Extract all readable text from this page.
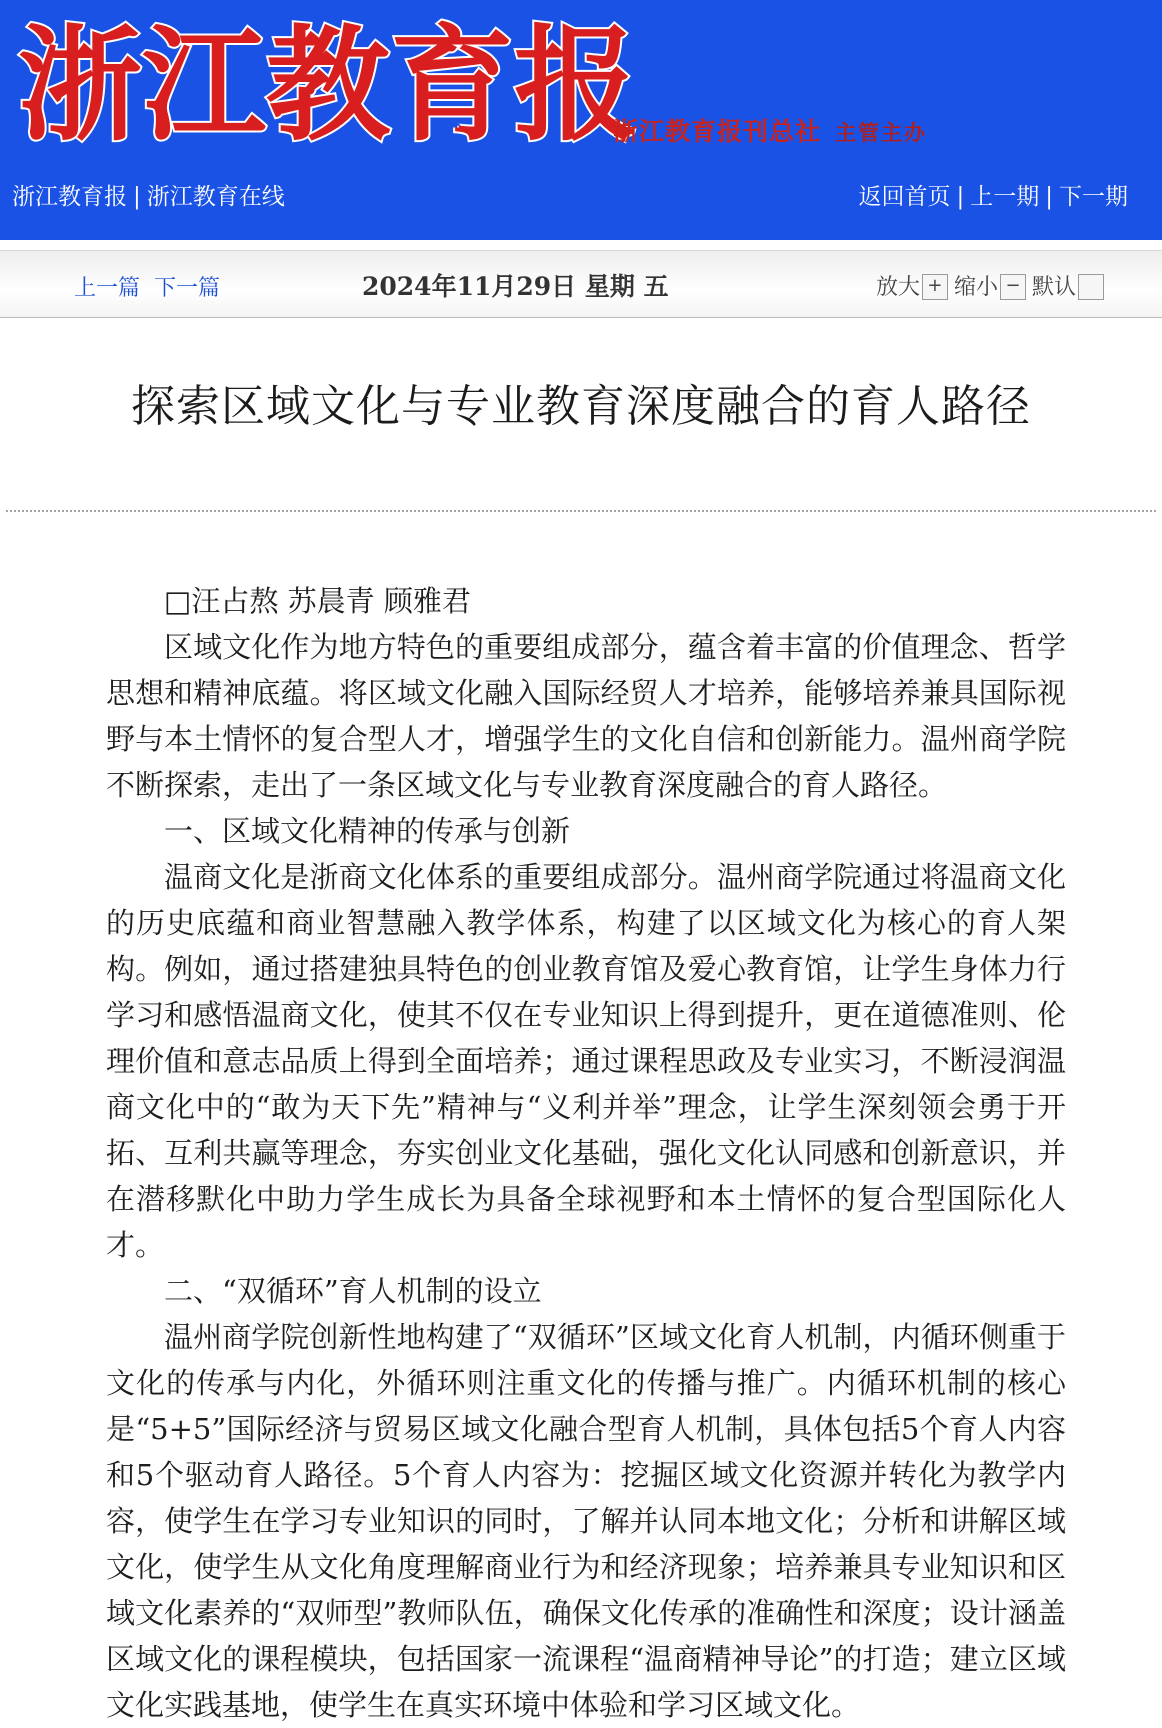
浙江教育报
浙江教育报刊总社 主管主办
浙江教育报 | 浙江教育在线	返回首页 | 上一期 | 下一期
上一篇 下一篇	2024年11月29日 星期 五	放大 + 缩小 − 默认
探索区域文化与专业教育深度融合的育人路径

□汪占熬 苏晨青 顾雅君

区域文化作为地方特色的重要组成部分，蕴含着丰富的价值理念、哲学思想和精神底蕴。将区域文化融入国际经贸人才培养，能够培养兼具国际视野与本土情怀的复合型人才，增强学生的文化自信和创新能力。温州商学院不断探索，走出了一条区域文化与专业教育深度融合的育人路径。

一、区域文化精神的传承与创新

温商文化是浙商文化体系的重要组成部分。温州商学院通过将温商文化的历史底蕴和商业智慧融入教学体系，构建了以区域文化为核心的育人架构。例如，通过搭建独具特色的创业教育馆及爱心教育馆，让学生身体力行学习和感悟温商文化，使其不仅在专业知识上得到提升，更在道德准则、伦理价值和意志品质上得到全面培养；通过课程思政及专业实习，不断浸润温商文化中的“敢为天下先”精神与“义利并举”理念，让学生深刻领会勇于开拓、互利共赢等理念，夯实创业文化基础，强化文化认同感和创新意识，并在潜移默化中助力学生成长为具备全球视野和本土情怀的复合型国际化人才。

二、“双循环”育人机制的设立

温州商学院创新性地构建了“双循环”区域文化育人机制，内循环侧重于文化的传承与内化，外循环则注重文化的传播与推广。内循环机制的核心是“5+5”国际经济与贸易区域文化融合型育人机制，具体包括5个育人内容和5个驱动育人路径。5个育人内容为：挖掘区域文化资源并转化为教学内容，使学生在学习专业知识的同时，了解并认同本地文化；分析和讲解区域文化，使学生从文化角度理解商业行为和经济现象；培养兼具专业知识和区域文化素养的“双师型”教师队伍，确保文化传承的准确性和深度；设计涵盖区域文化的课程模块，包括国家一流课程“温商精神导论”的打造；建立区域文化实践基地，使学生在真实环境中体验和学习区域文化。
